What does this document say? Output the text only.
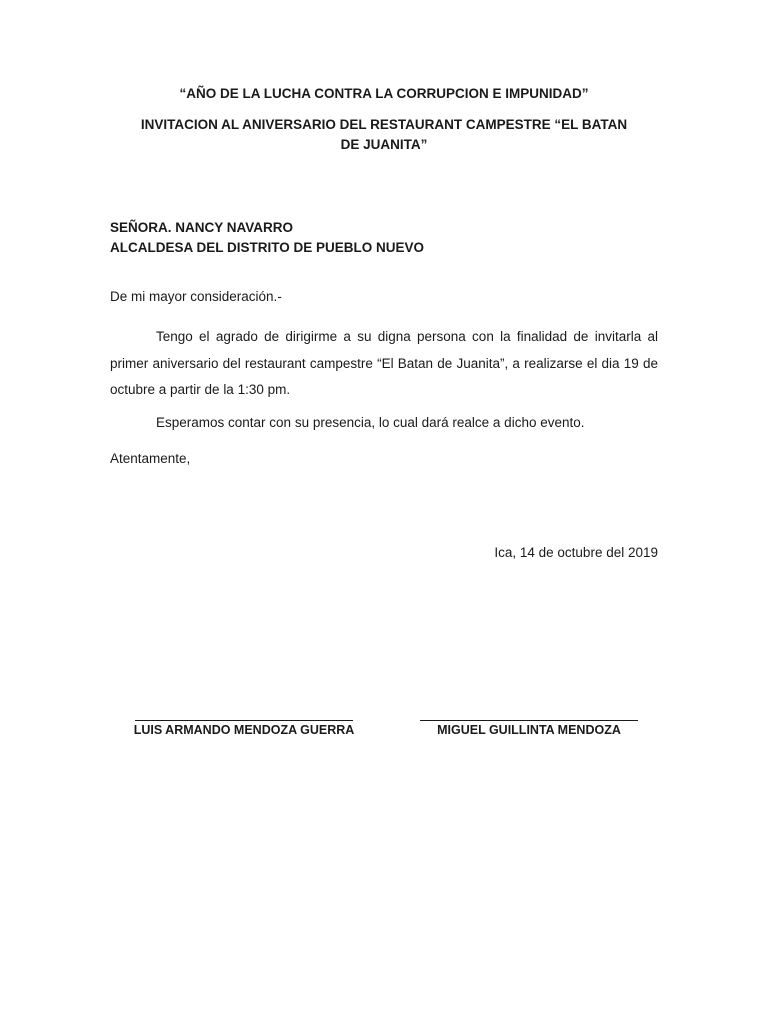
“AÑO DE LA LUCHA CONTRA LA CORRUPCION E IMPUNIDAD”
INVITACION AL ANIVERSARIO DEL RESTAURANT CAMPESTRE “EL BATAN DE JUANITA”
SEÑORA. NANCY NAVARRO
ALCALDESA DEL DISTRITO DE PUEBLO NUEVO
De mi mayor consideración.-

Tengo el agrado de dirigirme a su digna persona con la finalidad de invitarla al primer aniversario del restaurant campestre “El Batan de Juanita”, a realizarse el dia 19 de octubre a partir de la 1:30 pm.

Esperamos contar con su presencia, lo cual dará realce a dicho evento.
Atentamente,
Ica, 14 de octubre del 2019
LUIS ARMANDO MENDOZA GUERRA	MIGUEL GUILLINTA MENDOZA
